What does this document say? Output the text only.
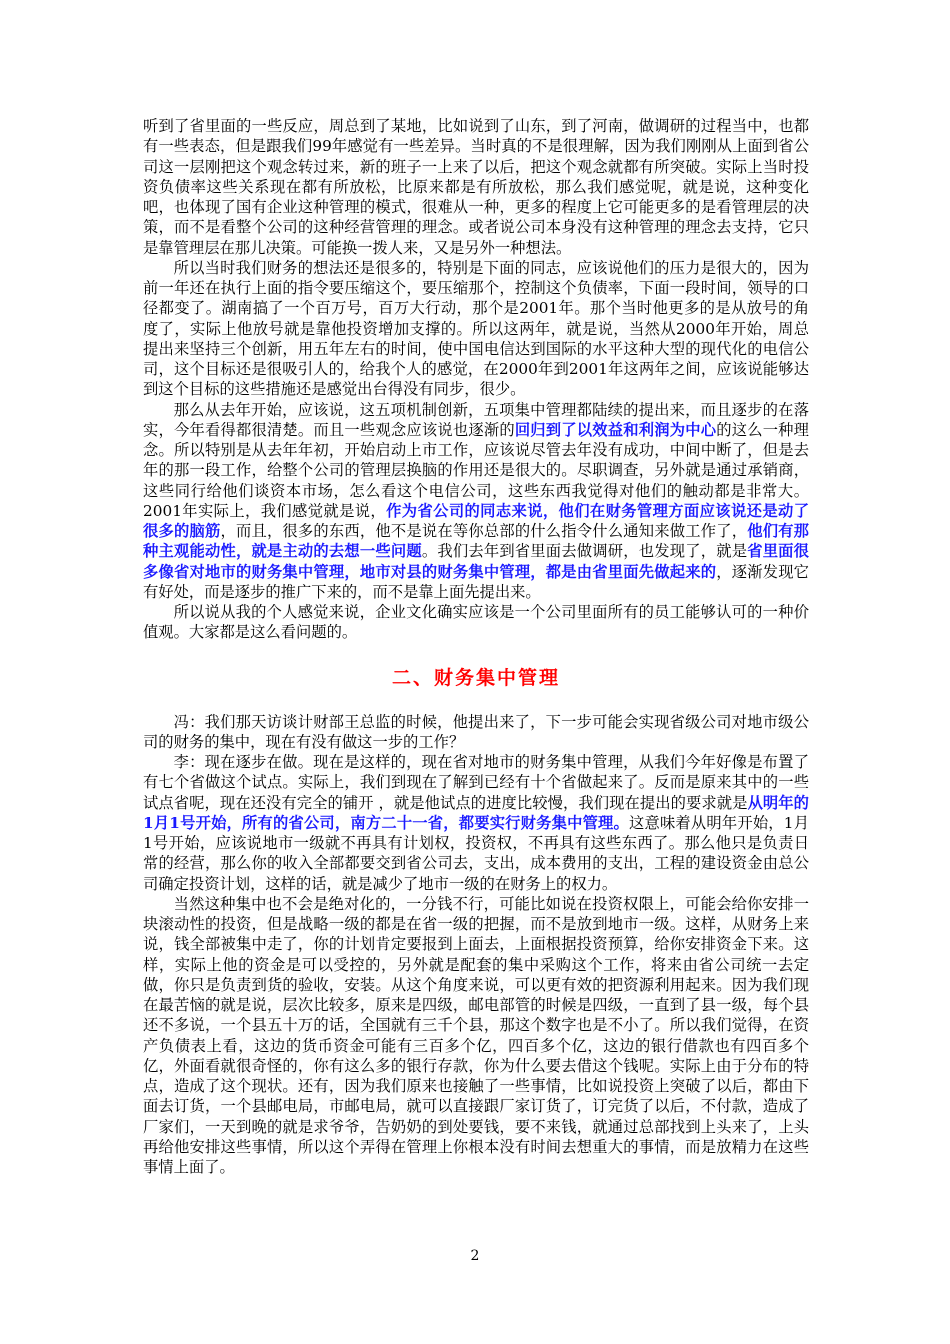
听到了省里面的一些反应，周总到了某地，比如说到了山东，到了河南，做调研的过程当中，也都有一些表态，但是跟我们99年感觉有一些差异。当时真的不是很理解，因为我们刚刚从上面到省公司这一层刚把这个观念转过来，新的班子一上来了以后，把这个观念就都有所突破。实际上当时投资负债率这些关系现在都有所放松，比原来都是有所放松，那么我们感觉呢，就是说，这种变化吧，也体现了国有企业这种管理的模式，很难从一种，更多的程度上它可能更多的是看管理层的决策，而不是看整个公司的这种经营管理的理念。或者说公司本身没有这种管理的理念去支持，它只是靠管理层在那儿决策。可能换一拨人来，又是另外一种想法。

所以当时我们财务的想法还是很多的，特别是下面的同志，应该说他们的压力是很大的，因为前一年还在执行上面的指令要压缩这个，要压缩那个，控制这个负债率，下面一段时间，领导的口径都变了。湖南搞了一个百万号，百万大行动，那个是2001年。那个当时他更多的是从放号的角度了，实际上他放号就是靠他投资增加支撑的。所以这两年，就是说，当然从2000年开始，周总提出来坚持三个创新，用五年左右的时间，使中国电信达到国际的水平这种大型的现代化的电信公司，这个目标还是很吸引人的，给我个人的感觉，在2000年到2001年这两年之间，应该说能够达到这个目标的这些措施还是感觉出台得没有同步，很少。

那么从去年开始，应该说，这五项机制创新，五项集中管理都陆续的提出来，而且逐步的在落实，今年看得都很清楚。而且一些观念应该说也逐渐的回归到了以效益和利润为中心的这么一种理念。所以特别是从去年年初，开始启动上市工作，应该说尽管去年没有成功，中间中断了，但是去年的那一段工作，给整个公司的管理层换脑的作用还是很大的。尽职调查，另外就是通过承销商，这些同行给他们谈资本市场，怎么看这个电信公司，这些东西我觉得对他们的触动都是非常大。2001年实际上，我们感觉就是说，作为省公司的同志来说，他们在财务管理方面应该说还是动了很多的脑筋，而且，很多的东西，他不是说在等你总部的什么指令什么通知来做工作了，他们有那种主观能动性，就是主动的去想一些问题。我们去年到省里面去做调研，也发现了，就是省里面很多像省对地市的财务集中管理，地市对县的财务集中管理，都是由省里面先做起来的，逐渐发现它有好处，而是逐步的推广下来的，而不是靠上面先提出来。

所以说从我的个人感觉来说，企业文化确实应该是一个公司里面所有的员工能够认可的一种价值观。大家都是这么看问题的。

二、财务集中管理

冯：我们那天访谈计财部王总监的时候，他提出来了，下一步可能会实现省级公司对地市级公司的财务的集中，现在有没有做这一步的工作？

李：现在逐步在做。现在是这样的，现在省对地市的财务集中管理，从我们今年好像是布置了有七个省做这个试点。实际上，我们到现在了解到已经有十个省做起来了。反而是原来其中的一些试点省呢，现在还没有完全的铺开 ，就是他试点的进度比较慢，我们现在提出的要求就是从明年的1月1号开始，所有的省公司，南方二十一省，都要实行财务集中管理。这意味着从明年开始，1月1号开始，应该说地市一级就不再具有计划权，投资权，不再具有这些东西了。那么他只是负责日常的经营，那么你的收入全部都要交到省公司去，支出，成本费用的支出，工程的建设资金由总公司确定投资计划，这样的话，就是减少了地市一级的在财务上的权力。

当然这种集中也不会是绝对化的，一分钱不行，可能比如说在投资权限上，可能会给你安排一块滚动性的投资，但是战略一级的都是在省一级的把握，而不是放到地市一级。这样，从财务上来说，钱全部被集中走了，你的计划肯定要报到上面去，上面根据投资预算，给你安排资金下来。这样，实际上他的资金是可以受控的，另外就是配套的集中采购这个工作，将来由省公司统一去定做，你只是负责到货的验收，安装。从这个角度来说，可以更有效的把资源利用起来。因为我们现在最苦恼的就是说，层次比较多，原来是四级，邮电部管的时候是四级，一直到了县一级，每个县还不多说，一个县五十万的话，全国就有三千个县，那这个数字也是不小了。所以我们觉得，在资产负债表上看，这边的货币资金可能有三百多个亿，四百多个亿，这边的银行借款也有四百多个亿，外面看就很奇怪的，你有这么多的银行存款，你为什么要去借这个钱呢。实际上由于分布的特点，造成了这个现状。还有，因为我们原来也接触了一些事情，比如说投资上突破了以后，都由下面去订货，一个县邮电局，市邮电局，就可以直接跟厂家订货了，订完货了以后，不付款，造成了厂家们，一天到晚的就是求爷爷，告奶奶的到处要钱，要不来钱，就通过总部找到上头来了，上头再给他安排这些事情，所以这个弄得在管理上你根本没有时间去想重大的事情，而是放精力在这些事情上面了。

2
